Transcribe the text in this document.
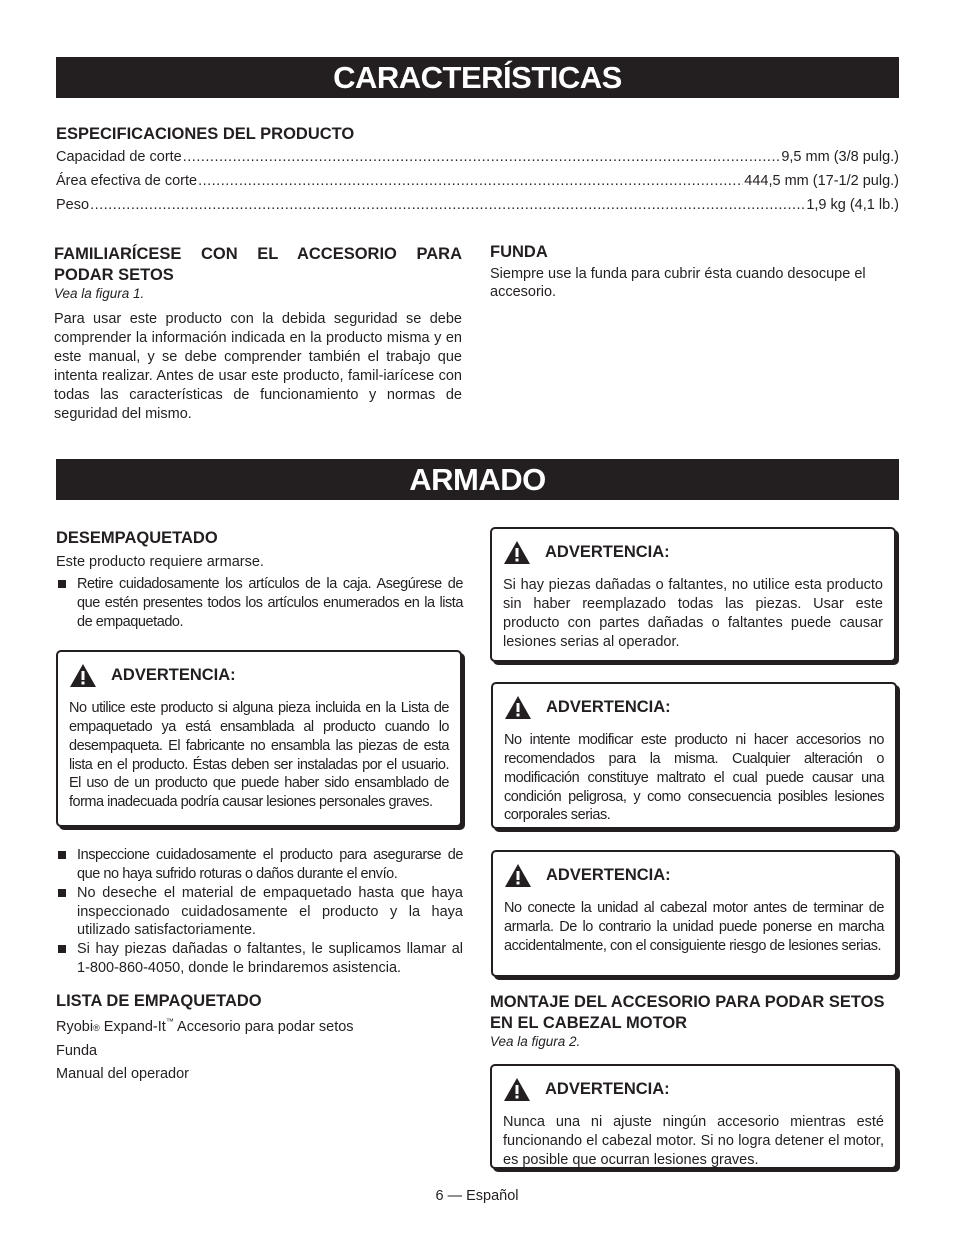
CARACTERÍSTICAS
ESPECIFICACIONES DEL PRODUCTO
Capacidad de corte .....	9,5 mm (3/8 pulg.)
Área efectiva de corte .....	444,5 mm (17-1/2 pulg.)
Peso .....	1,9 kg (4,1 lb.)
FAMILIARÍCESE CON EL ACCESORIO PARA PODAR SETOS
Vea la figura 1.

Para usar este producto con la debida seguridad se debe comprender la información indicada en la producto misma y en este manual, y se debe comprender también el trabajo que intenta realizar. Antes de usar este producto, famil-iarícese con todas las características de funcionamiento y normas de seguridad del mismo.

FUNDA

Siempre use la funda para cubrir ésta cuando desocupe el accesorio.

ARMADO
DESEMPAQUETADO

Este producto requiere armarse.

Retire cuidadosamente los artículos de la caja. Asegúrese de que estén presentes todos los artículos enumerados en la lista de empaquetado.
ADVERTENCIA:

No utilice este producto si alguna pieza incluida en la Lista de empaquetado ya está ensamblada al producto cuando lo desempaqueta. El fabricante no ensambla las piezas de esta lista en el producto. Éstas deben ser instaladas por el usuario. El uso de un producto que puede haber sido ensamblado de forma inadecuada podría causar lesiones personales graves.

Inspeccione cuidadosamente el producto para asegurarse de que no haya sufrido roturas o daños durante el envío.
No deseche el material de empaquetado hasta que haya inspeccionado cuidadosamente el producto y la haya utilizado satisfactoriamente.
Si hay piezas dañadas o faltantes, le suplicamos llamar al 1-800-860-4050, donde le brindaremos asistencia.
LISTA DE EMPAQUETADO
Ryobi® Expand-It™ Accesorio para podar setos
Funda
Manual del operador
ADVERTENCIA:

Si hay piezas dañadas o faltantes, no utilice esta producto sin haber reemplazado todas las piezas. Usar este producto con partes dañadas o faltantes puede causar lesiones serias al operador.

ADVERTENCIA:

No intente modificar este producto ni hacer accesorios no recomendados para la misma. Cualquier alteración o modificación constituye maltrato el cual puede causar una condición peligrosa, y como consecuencia posibles lesiones corporales serias.

ADVERTENCIA:

No conecte la unidad al cabezal motor antes de terminar de armarla. De lo contrario la unidad puede ponerse en marcha accidentalmente, con el consiguiente riesgo de lesiones serias.

MONTAJE DEL ACCESORIO PARA PODAR SETOS EN EL CABEZAL MOTOR
Vea la figura 2.
ADVERTENCIA:

Nunca una ni ajuste ningún accesorio mientras esté funcionando el cabezal motor. Si no logra detener el motor, es posible que ocurran lesiones graves.

6 — Español
